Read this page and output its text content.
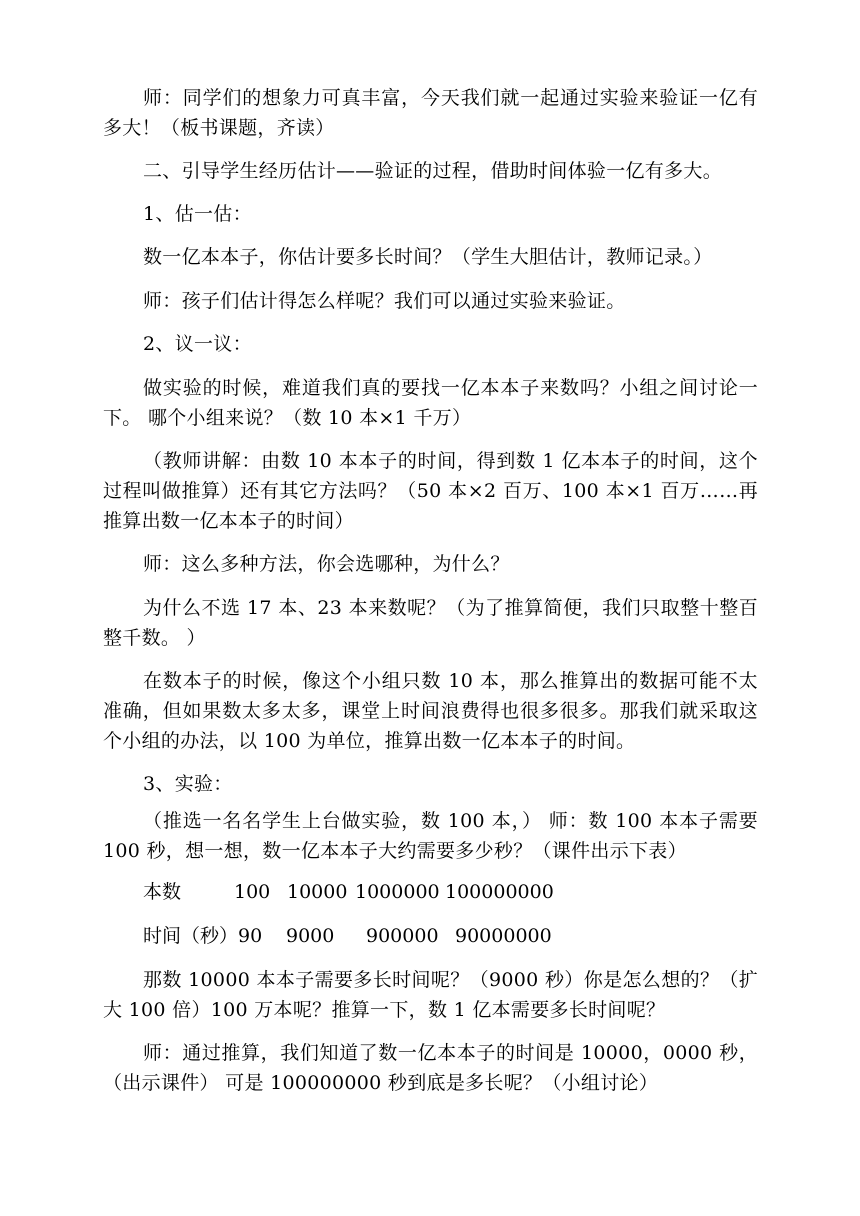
师：同学们的想象力可真丰富，今天我们就一起通过实验来验证一亿有多大！（板书课题，齐读）

二、引导学生经历估计——验证的过程，借助时间体验一亿有多大。

1、估一估：

数一亿本本子，你估计要多长时间？（学生大胆估计，教师记录。）

师：孩子们估计得怎么样呢？我们可以通过实验来验证。

2、议一议：

做实验的时候，难道我们真的要找一亿本本子来数吗？小组之间讨论一下。 哪个小组来说？（数 10 本×1 千万）

（教师讲解：由数 10 本本子的时间，得到数 1 亿本本子的时间，这个过程叫做推算）还有其它方法吗？（50 本×2 百万、100 本×1 百万……再推算出数一亿本本子的时间）

师：这么多种方法，你会选哪种，为什么？

为什么不选 17 本、23 本来数呢？（为了推算简便，我们只取整十整百整千数。 ）

在数本子的时候，像这个小组只数 10 本，那么推算出的数据可能不太准确，但如果数太多太多，课堂上时间浪费得也很多很多。那我们就采取这个小组的办法，以 100 为单位，推算出数一亿本本子的时间。

3、实验：

（推选一名名学生上台做实验，数 100 本，） 师：数 100 本本子需要 100 秒，想一想，数一亿本本子大约需要多少秒？（课件出示下表）

本数	100 10000 1000000 100000000
时间（秒）90 9000 900000 90000000

那数 10000 本本子需要多长时间呢？（9000 秒）你是怎么想的？（扩大 100 倍）100 万本呢？推算一下，数 1 亿本需要多长时间呢？

师：通过推算，我们知道了数一亿本本子的时间是 10000，0000 秒，（出示课件） 可是 100000000 秒到底是多长呢？（小组讨论）
